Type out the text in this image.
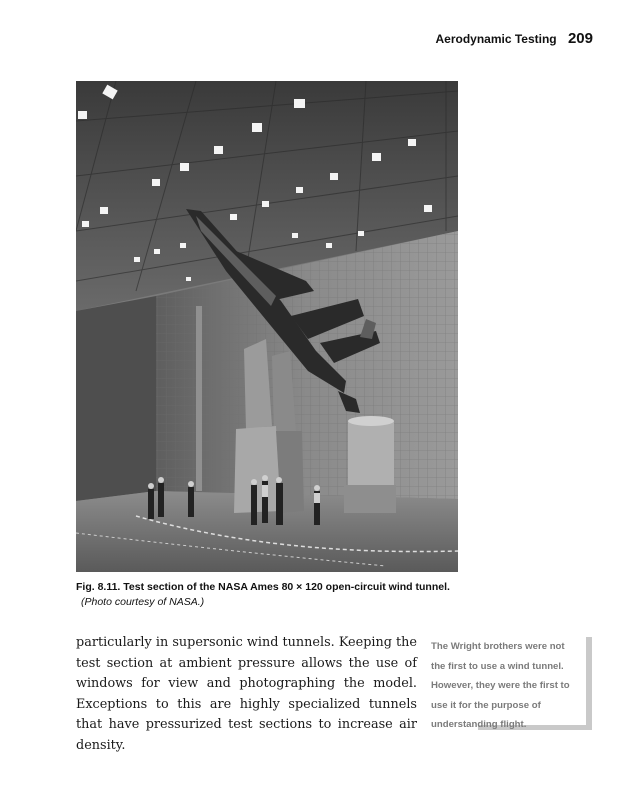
Aerodynamic Testing 209
Fig. 8.11. Test section of the NASA Ames 80 × 120 open-circuit wind tunnel.
(Photo courtesy of NASA.)
particularly in supersonic wind tunnels. Keeping the test section at ambient pressure allows the use of windows for view and photographing the model. Exceptions to this are highly specialized tunnels that have pressurized test sections to increase air density.
The Wright brothers were not
the first to use a wind tunnel.
However, they were the first to
use it for the purpose of
understanding flight.
